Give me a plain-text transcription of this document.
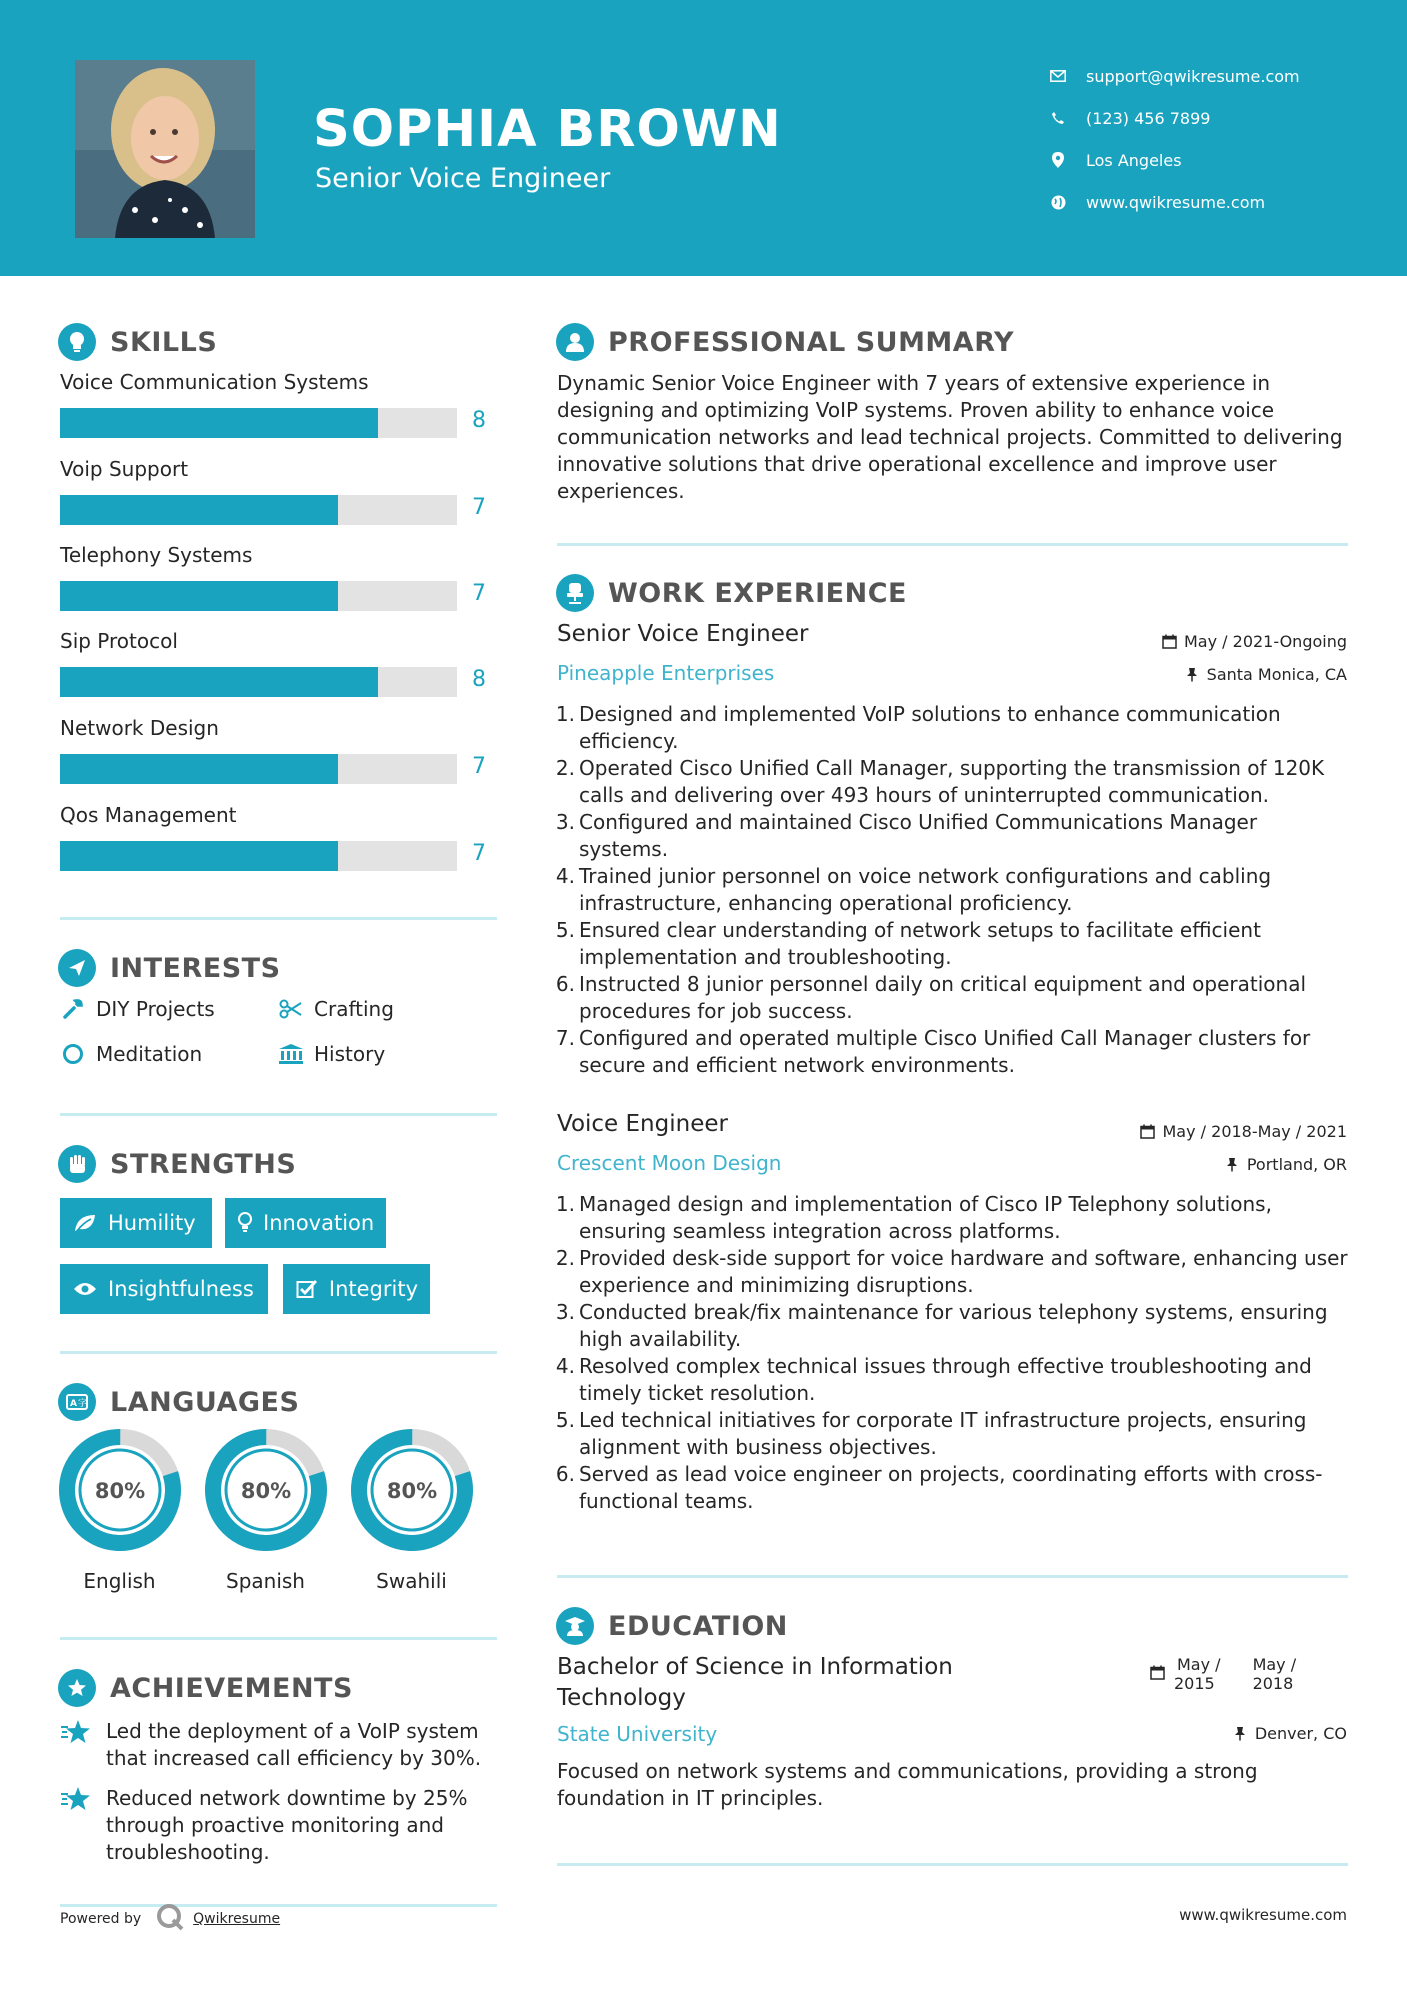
SOPHIA BROWN
Senior Voice Engineer
support@qwikresume.com
(123) 456 7899
Los Angeles
www.qwikresume.com
SKILLS
Voice Communication Systems
8
Voip Support
7
Telephony Systems
7
Sip Protocol
8
Network Design
7
Qos Management
7
INTERESTS
DIY Projects	Crafting
Meditation	History
STRENGTHS
Humility	Innovation
Insightfulness	Integrity
A 字 LANGUAGES
80%
English
80%
Spanish
80%
Swahili
ACHIEVEMENTS
Led the deployment of a VoIP system that increased call efficiency by 30%.
Reduced network downtime by 25% through proactive monitoring and troubleshooting.
PROFESSIONAL SUMMARY
Dynamic Senior Voice Engineer with 7 years of extensive experience in designing and optimizing VoIP systems. Proven ability to enhance voice communication networks and lead technical projects. Committed to delivering innovative solutions that drive operational excellence and improve user experiences.
WORK EXPERIENCE
Senior Voice Engineer
Pineapple Enterprises
May / 2021-Ongoing
Santa Monica, CA
1. Designed and implemented VoIP solutions to enhance communication efficiency.
2. Operated Cisco Unified Call Manager, supporting the transmission of 120K calls and delivering over 493 hours of uninterrupted communication.
3. Configured and maintained Cisco Unified Communications Manager systems.
4. Trained junior personnel on voice network configurations and cabling infrastructure, enhancing operational proficiency.
5. Ensured clear understanding of network setups to facilitate efficient implementation and troubleshooting.
6. Instructed 8 junior personnel daily on critical equipment and operational procedures for job success.
7. Configured and operated multiple Cisco Unified Call Manager clusters for secure and efficient network environments.
Voice Engineer
Crescent Moon Design
May / 2018-May / 2021
Portland, OR
1. Managed design and implementation of Cisco IP Telephony solutions, ensuring seamless integration across platforms.
2. Provided desk-side support for voice hardware and software, enhancing user experience and minimizing disruptions.
3. Conducted break/fix maintenance for various telephony systems, ensuring high availability.
4. Resolved complex technical issues through effective troubleshooting and timely ticket resolution.
5. Led technical initiatives for corporate IT infrastructure projects, ensuring alignment with business objectives.
6. Served as lead voice engineer on projects, coordinating efforts with cross-functional teams.
EDUCATION
Bachelor of Science in Information Technology
May /
2015
May /
2018
State University	Denver, CO
Focused on network systems and communications, providing a strong foundation in IT principles.
Powered by	Qwikresume	www.qwikresume.com
